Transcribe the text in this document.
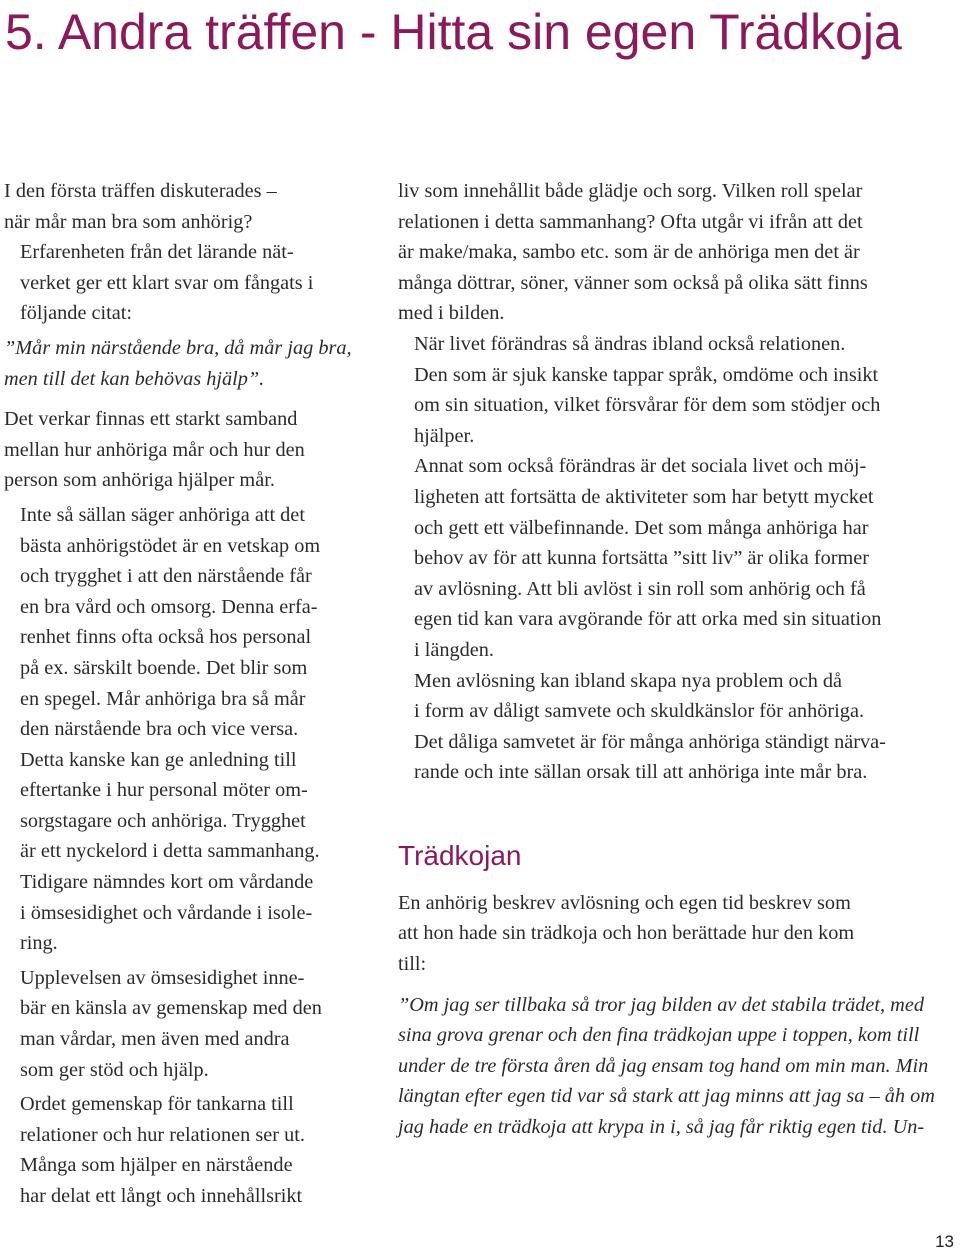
5. Andra träffen - Hitta sin egen Trädkoja

I den första träffen diskuterades –
när mår man bra som anhörig?

Erfarenheten från det lärande nät-
verket ger ett klart svar om fångats i
följande citat:

”Mår min närstående bra, då mår jag bra,
men till det kan behövas hjälp”.

Det verkar finnas ett starkt samband
mellan hur anhöriga mår och hur den
person som anhöriga hjälper mår.

Inte så sällan säger anhöriga att det
bästa anhörigstödet är en vetskap om
och trygghet i att den närstående får
en bra vård och omsorg. Denna erfa-
renhet finns ofta också hos personal
på ex. särskilt boende. Det blir som
en spegel. Mår anhöriga bra så mår
den närstående bra och vice versa.
Detta kanske kan ge anledning till
eftertanke i hur personal möter om-
sorgstagare och anhöriga. Trygghet
är ett nyckelord i detta sammanhang.
Tidigare nämndes kort om vårdande
i ömsesidighet och vårdande i isole-
ring.

Upplevelsen av ömsesidighet inne-
bär en känsla av gemenskap med den
man vårdar, men även med andra
som ger stöd och hjälp.

Ordet gemenskap för tankarna till
relationer och hur relationen ser ut.
Många som hjälper en närstående
har delat ett långt och innehållsrikt

liv som innehållit både glädje och sorg. Vilken roll spelar
relationen i detta sammanhang? Ofta utgår vi ifrån att det
är make/maka, sambo etc. som är de anhöriga men det är
många döttrar, söner, vänner som också på olika sätt finns
med i bilden.

När livet förändras så ändras ibland också relationen.
Den som är sjuk kanske tappar språk, omdöme och insikt
om sin situation, vilket försvårar för dem som stödjer och
hjälper.

Annat som också förändras är det sociala livet och möj-
ligheten att fortsätta de aktiviteter som har betytt mycket
och gett ett välbefinnande. Det som många anhöriga har
behov av för att kunna fortsätta ”sitt liv” är olika former
av avlösning. Att bli avlöst i sin roll som anhörig och få
egen tid kan vara avgörande för att orka med sin situation
i längden.

Men avlösning kan ibland skapa nya problem och då
i form av dåligt samvete och skuldkänslor för anhöriga.
Det dåliga samvetet är för många anhöriga ständigt närva-
rande och inte sällan orsak till att anhöriga inte mår bra.

Trädkojan

En anhörig beskrev avlösning och egen tid beskrev som
att hon hade sin trädkoja och hon berättade hur den kom
till:

”Om jag ser tillbaka så tror jag bilden av det stabila trädet, med
sina grova grenar och den fina trädkojan uppe i toppen, kom till
under de tre första åren då jag ensam tog hand om min man. Min
längtan efter egen tid var så stark att jag minns att jag sa – åh om
jag hade en trädkoja att krypa in i, så jag får riktig egen tid. Un-

13
